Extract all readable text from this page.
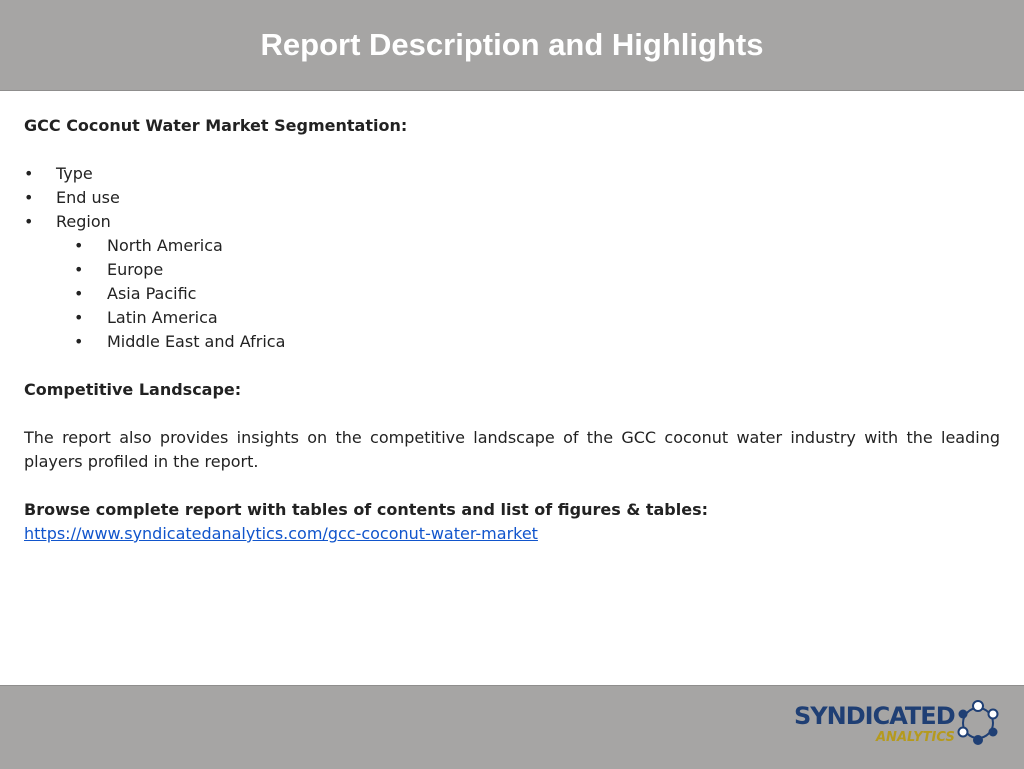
Report Description and Highlights
GCC Coconut Water Market Segmentation:
• Type
• End use
• Region
• North America
• Europe
• Asia Pacific
• Latin America
• Middle East and Africa
Competitive Landscape:
The report also provides insights on the competitive landscape of the GCC coconut water industry with the leading players profiled in the report.
Browse complete report with tables of contents and list of figures & tables:
https://www.syndicatedanalytics.com/gcc-coconut-water-market
SYNDICATED
ANALYTICS
